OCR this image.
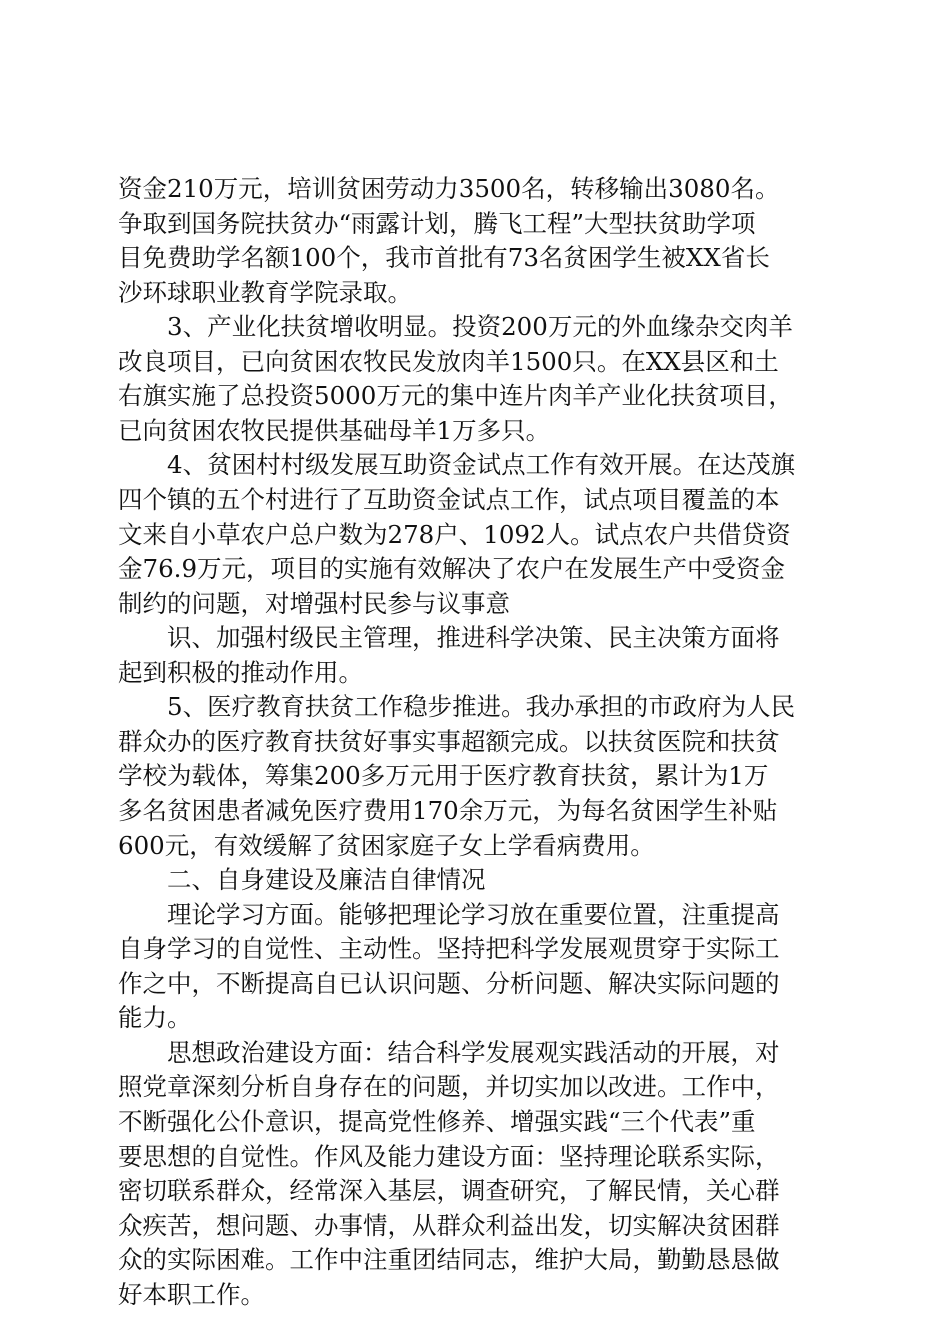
资金210万元，培训贫困劳动力3500名，转移输出3080名。
争取到国务院扶贫办“雨露计划，腾飞工程”大型扶贫助学项
目免费助学名额100个，我市首批有73名贫困学生被XX省长
沙环球职业教育学院录取。
　　3、产业化扶贫增收明显。投资200万元的外血缘杂交肉羊
改良项目，已向贫困农牧民发放肉羊1500只。在XX县区和土
右旗实施了总投资5000万元的集中连片肉羊产业化扶贫项目，
已向贫困农牧民提供基础母羊1万多只。
　　4、贫困村村级发展互助资金试点工作有效开展。在达茂旗
四个镇的五个村进行了互助资金试点工作，试点项目覆盖的本
文来自小草农户总户数为278户、1092人。试点农户共借贷资
金76.9万元，项目的实施有效解决了农户在发展生产中受资金
制约的问题，对增强村民参与议事意
　　识、加强村级民主管理，推进科学决策、民主决策方面将
起到积极的推动作用。
　　5、医疗教育扶贫工作稳步推进。我办承担的市政府为人民
群众办的医疗教育扶贫好事实事超额完成。以扶贫医院和扶贫
学校为载体，筹集200多万元用于医疗教育扶贫，累计为1万
多名贫困患者减免医疗费用170余万元，为每名贫困学生补贴
600元，有效缓解了贫困家庭子女上学看病费用。
　　二、自身建设及廉洁自律情况
　　理论学习方面。能够把理论学习放在重要位置，注重提高
自身学习的自觉性、主动性。坚持把科学发展观贯穿于实际工
作之中，不断提高自已认识问题、分析问题、解决实际问题的
能力。
　　思想政治建设方面：结合科学发展观实践活动的开展，对
照党章深刻分析自身存在的问题，并切实加以改进。工作中，
不断强化公仆意识，提高党性修养、增强实践“三个代表”重
要思想的自觉性。作风及能力建设方面：坚持理论联系实际，
密切联系群众，经常深入基层，调查研究，了解民情，关心群
众疾苦，想问题、办事情，从群众利益出发，切实解决贫困群
众的实际困难。工作中注重团结同志，维护大局，勤勤恳恳做
好本职工作。
